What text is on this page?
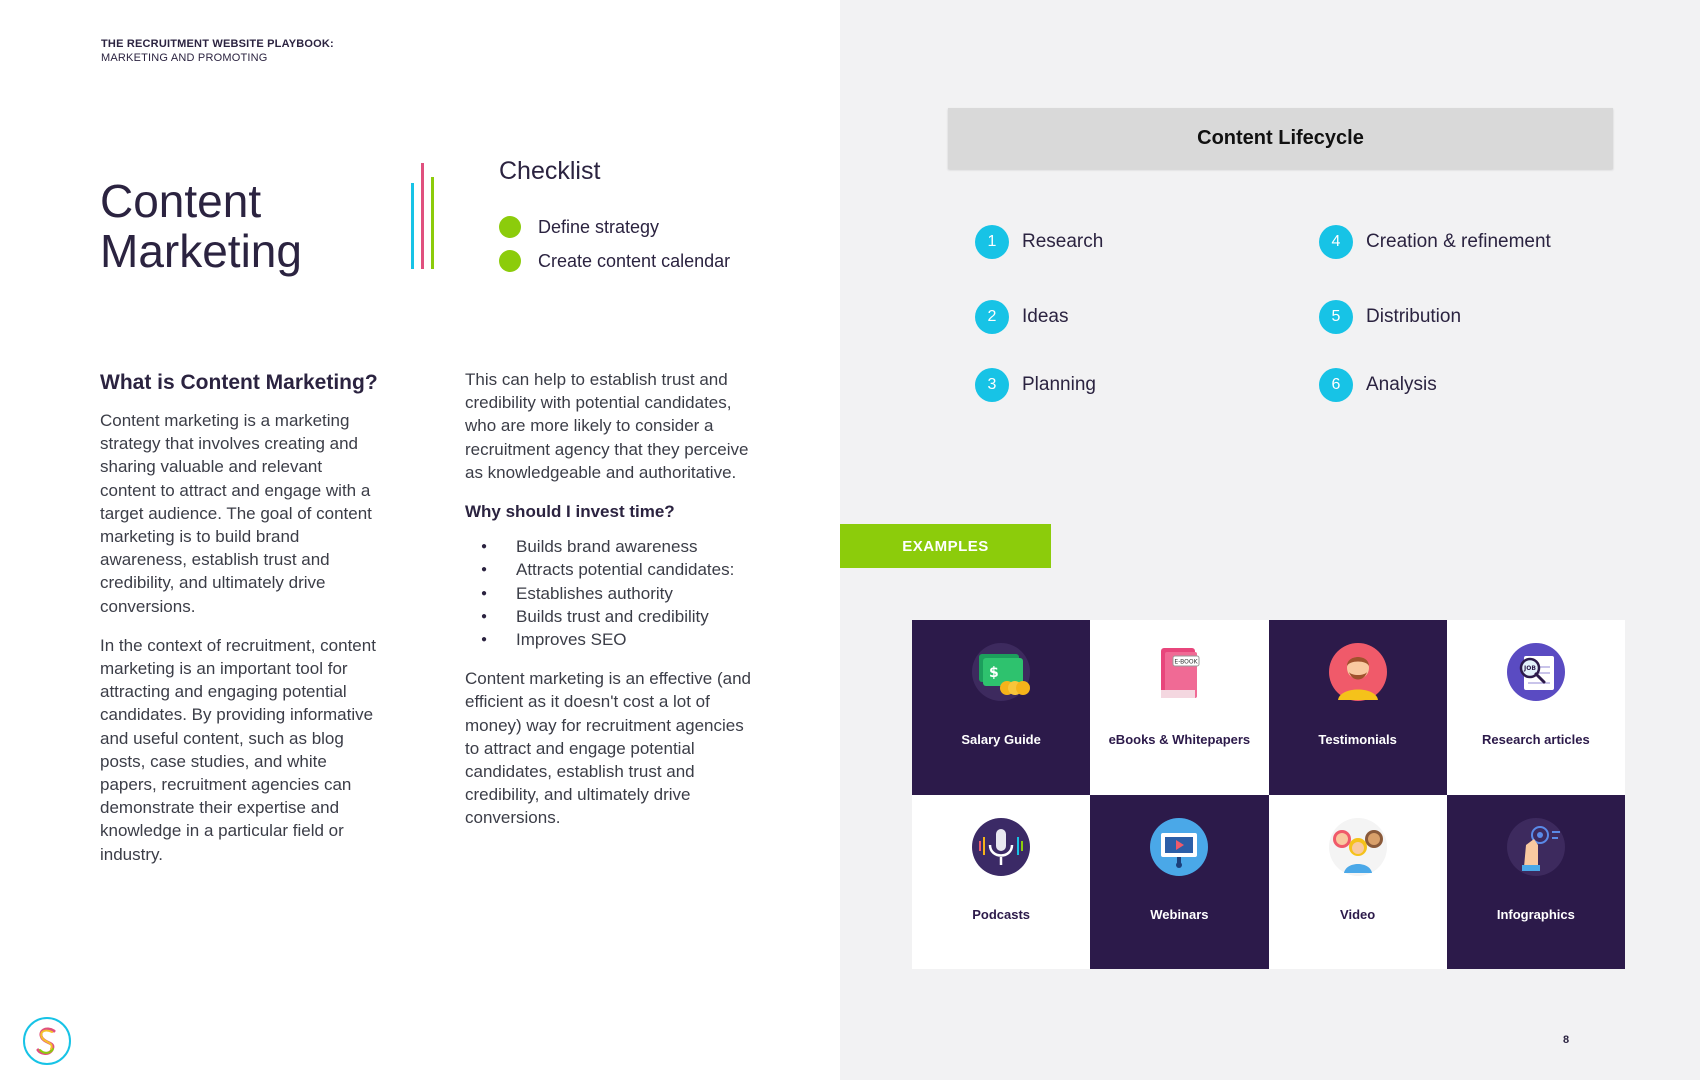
THE RECRUITMENT WEBSITE PLAYBOOK:
MARKETING AND PROMOTING
Content
Marketing
Checklist
Define strategy
Create content calendar
What is Content Marketing?

Content marketing is a marketing strategy that involves creating and sharing valuable and relevant content to attract and engage with a target audience. The goal of content marketing is to build brand awareness, establish trust and credibility, and ultimately drive conversions.

In the context of recruitment, content marketing is an important tool for attracting and engaging potential candidates. By providing informative and useful content, such as blog posts, case studies, and white papers, recruitment agencies can demonstrate their expertise and knowledge in a particular field or industry.

This can help to establish trust and credibility with potential candidates, who are more likely to consider a recruitment agency that they perceive as knowledgeable and authoritative.

Why should I invest time?
● Builds brand awareness
● Attracts potential candidates:
● Establishes authority
● Builds trust and credibility
● Improves SEO

Content marketing is an effective (and efficient as it doesn't cost a lot of money) way for recruitment agencies to attract and engage potential candidates, establish trust and credibility, and ultimately drive conversions.

Content Lifecycle
1	Research
2	Ideas
3	Planning
4	Creation & refinement
5	Distribution
6	Analysis
EXAMPLES
$
Salary Guide
E-BOOK
eBooks & Whitepapers	Testimonials
JOB
Research articles
Podcasts	Webinars	Video	Infographics
8
